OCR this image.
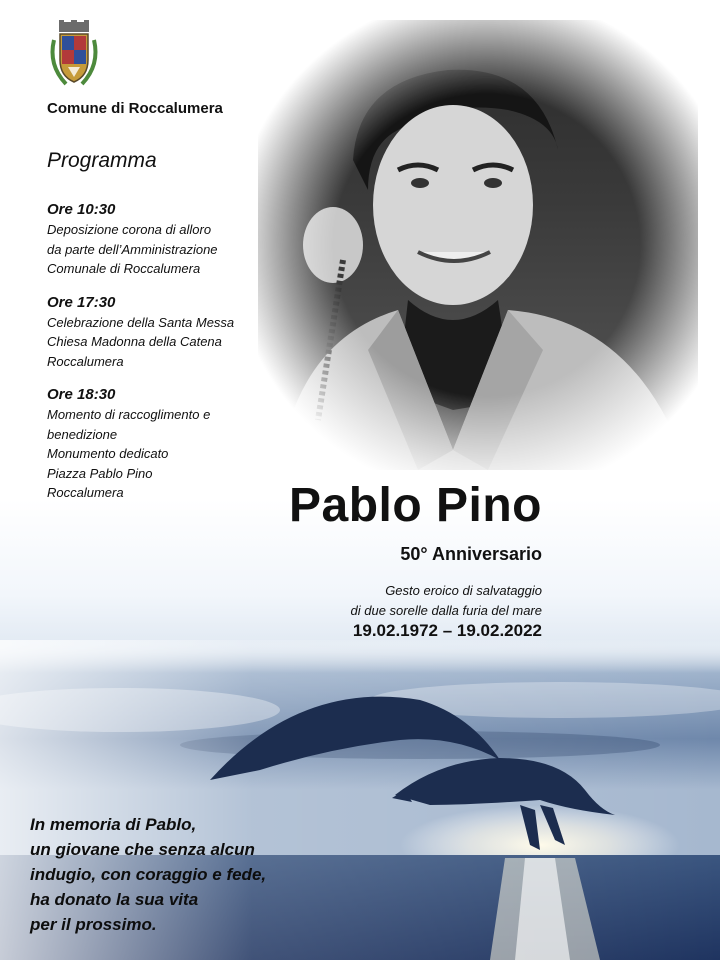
Comune di Roccalumera
Programma
Ore 10:30
Deposizione corona di alloro
da parte dell’Amministrazione
Comunale di Roccalumera
Ore 17:30
Celebrazione della Santa Messa
Chiesa Madonna della Catena
Roccalumera
Ore 18:30
Momento di raccoglimento e
benedizione
Monumento dedicato
Piazza Pablo Pino
Roccalumera	Pablo Pino
50° Anniversario
Gesto eroico di salvataggio
di due sorelle dalla furia del mare
19.02.1972 – 19.02.2022
In memoria di Pablo,
un giovane che senza alcun
indugio, con coraggio e fede,
ha donato la sua vita
per il prossimo.
